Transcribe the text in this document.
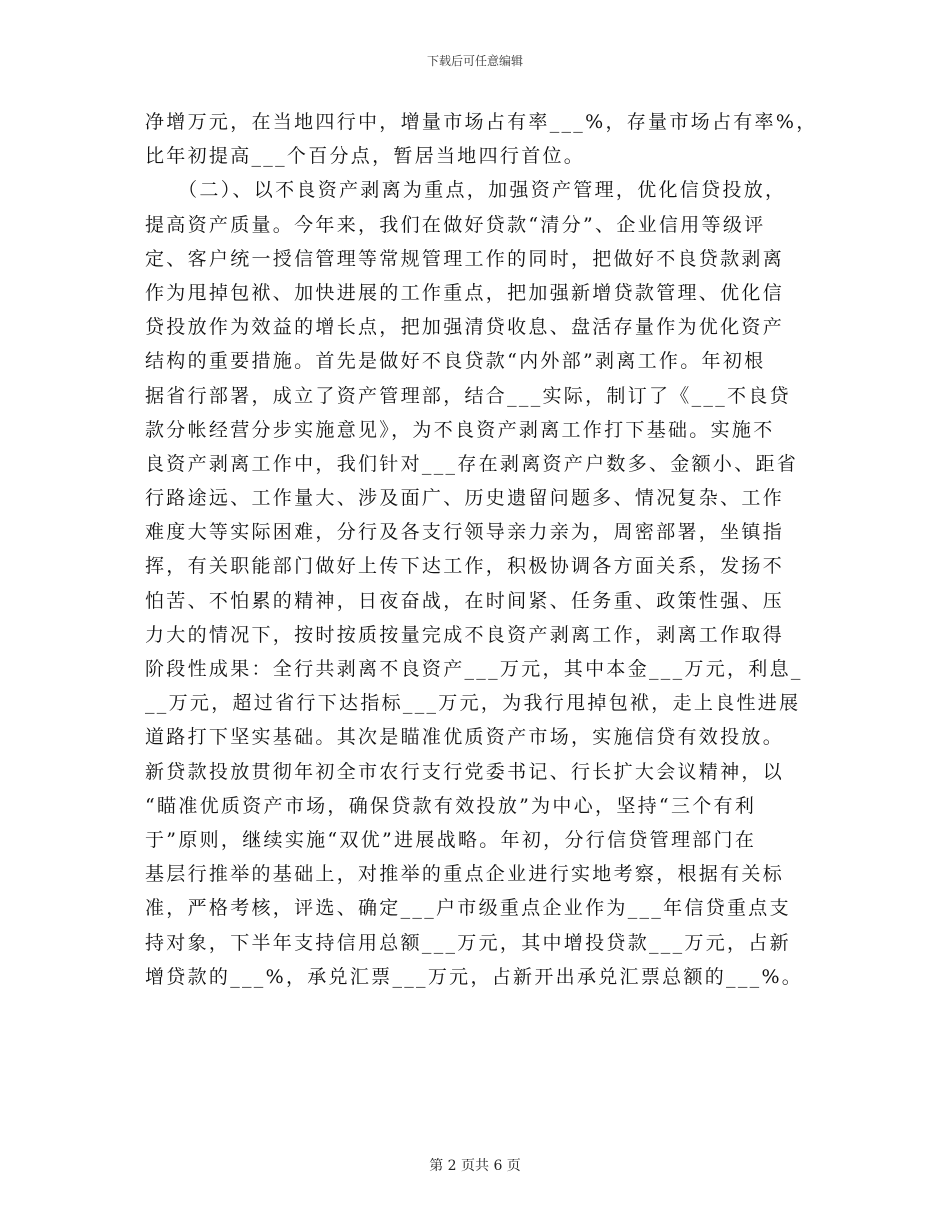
下载后可任意编辑
净增万元，在当地四行中，增量市场占有率___%，存量市场占有率%，
比年初提高___个百分点，暂居当地四行首位。
　　（二）、以不良资产剥离为重点，加强资产管理，优化信贷投放，
提高资产质量。今年来，我们在做好贷款“清分”、企业信用等级评
定、客户统一授信管理等常规管理工作的同时，把做好不良贷款剥离
作为甩掉包袱、加快进展的工作重点，把加强新增贷款管理、优化信
贷投放作为效益的增长点，把加强清贷收息、盘活存量作为优化资产
结构的重要措施。首先是做好不良贷款“内外部”剥离工作。年初根
据省行部署，成立了资产管理部，结合___实际，制订了《___不良贷
款分帐经营分步实施意见》，为不良资产剥离工作打下基础。实施不
良资产剥离工作中，我们针对___存在剥离资产户数多、金额小、距省
行路途远、工作量大、涉及面广、历史遗留问题多、情况复杂、工作
难度大等实际困难，分行及各支行领导亲力亲为，周密部署，坐镇指
挥，有关职能部门做好上传下达工作，积极协调各方面关系，发扬不
怕苦、不怕累的精神，日夜奋战，在时间紧、任务重、政策性强、压
力大的情况下，按时按质按量完成不良资产剥离工作，剥离工作取得
阶段性成果：全行共剥离不良资产___万元，其中本金___万元，利息_
__万元，超过省行下达指标___万元，为我行甩掉包袱，走上良性进展
道路打下坚实基础。其次是瞄准优质资产市场，实施信贷有效投放。
新贷款投放贯彻年初全市农行支行党委书记、行长扩大会议精神，以
“瞄准优质资产市场，确保贷款有效投放”为中心，坚持“三个有利
于”原则，继续实施“双优”进展战略。年初，分行信贷管理部门在
基层行推举的基础上，对推举的重点企业进行实地考察，根据有关标
准，严格考核，评选、确定___户市级重点企业作为___年信贷重点支
持对象，下半年支持信用总额___万元，其中增投贷款___万元，占新
增贷款的___%，承兑汇票___万元，占新开出承兑汇票总额的___%。
第 2 页共 6 页
